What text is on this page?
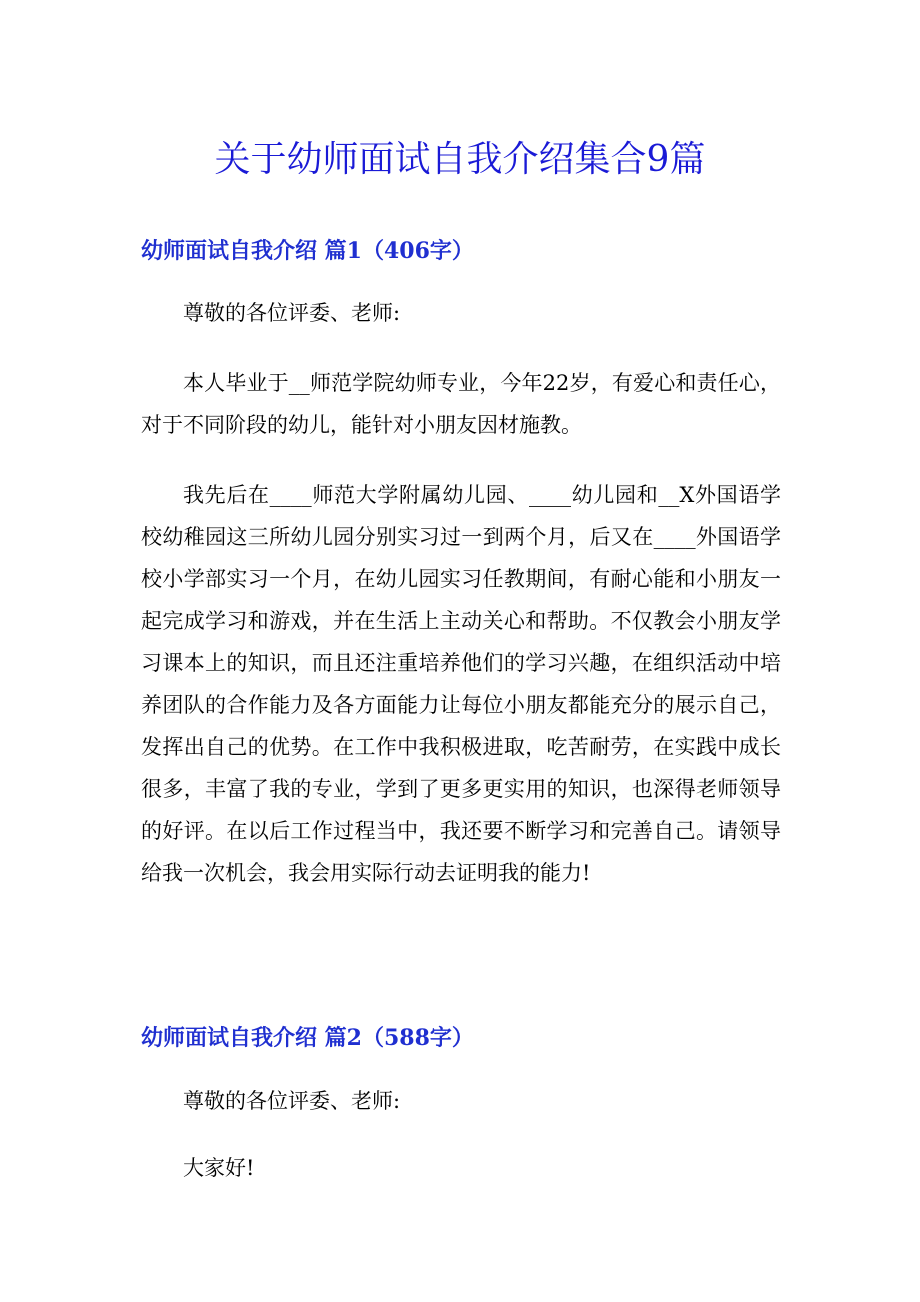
关于幼师面试自我介绍集合9篇
幼师面试自我介绍 篇1（406字）

尊敬的各位评委、老师:

本人毕业于__师范学院幼师专业，今年22岁，有爱心和责任心，对于不同阶段的幼儿，能针对小朋友因材施教。

我先后在____师范大学附属幼儿园、____幼儿园和__X外国语学校幼稚园这三所幼儿园分别实习过一到两个月，后又在____外国语学校小学部实习一个月，在幼儿园实习任教期间，有耐心能和小朋友一起完成学习和游戏，并在生活上主动关心和帮助。不仅教会小朋友学习课本上的知识，而且还注重培养他们的学习兴趣，在组织活动中培养团队的合作能力及各方面能力让每位小朋友都能充分的展示自己，发挥出自己的优势。在工作中我积极进取，吃苦耐劳，在实践中成长很多，丰富了我的专业，学到了更多更实用的知识，也深得老师领导的好评。在以后工作过程当中，我还要不断学习和完善自己。请领导给我一次机会，我会用实际行动去证明我的能力!

幼师面试自我介绍 篇2（588字）

尊敬的各位评委、老师:

大家好!
